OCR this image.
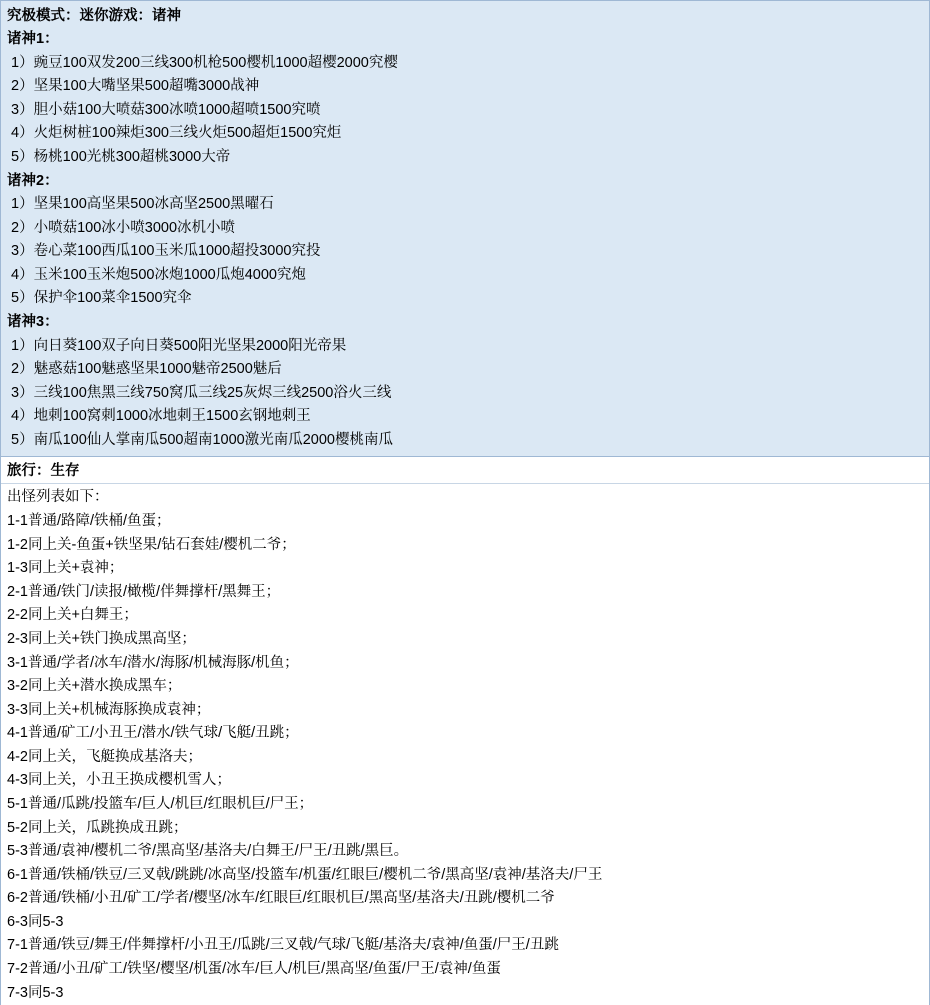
究极模式：迷你游戏：诸神
诸神1：
1）豌豆100双发200三线300机枪500樱机1000超樱2000究樱
2）坚果100大嘴坚果500超嘴3000战神
3）胆小菇100大喷菇300冰喷1000超喷1500究喷
4）火炬树桩100辣炬300三线火炬500超炬1500究炬
5）杨桃100光桃300超桃3000大帝
诸神2：
1）坚果100高坚果500冰高坚2500黑曜石
2）小喷菇100冰小喷3000冰机小喷
3）卷心菜100西瓜100玉米瓜1000超投3000究投
4）玉米100玉米炮500冰炮1000瓜炮4000究炮
5）保护伞100菜伞1500究伞
诸神3：
1）向日葵100双子向日葵500阳光坚果2000阳光帝果
2）魅惑菇100魅惑坚果1000魅帝2500魅后
3）三线100焦黑三线750窝瓜三线25灰烬三线2500浴火三线
4）地刺100窝刺1000冰地刺王1500玄钢地刺王
5）南瓜100仙人掌南瓜500超南1000激光南瓜2000樱桃南瓜
旅行：生存
出怪列表如下：
1-1普通/路障/铁桶/鱼蛋；
1-2同上关-鱼蛋+铁坚果/钻石套娃/樱机二爷；
1-3同上关+袁神；
2-1普通/铁门/读报/橄榄/伴舞撑杆/黑舞王；
2-2同上关+白舞王；
2-3同上关+铁门换成黑高坚；
3-1普通/学者/冰车/潜水/海豚/机械海豚/机鱼；
3-2同上关+潜水换成黑车；
3-3同上关+机械海豚换成袁神；
4-1普通/矿工/小丑王/潜水/铁气球/飞艇/丑跳；
4-2同上关，飞艇换成基洛夫；
4-3同上关，小丑王换成樱机雪人；
5-1普通/瓜跳/投篮车/巨人/机巨/红眼机巨/尸王；
5-2同上关，瓜跳换成丑跳；
5-3普通/袁神/樱机二爷/黑高坚/基洛夫/白舞王/尸王/丑跳/黑巨。
6-1普通/铁桶/铁豆/三叉戟/跳跳/冰高坚/投篮车/机蛋/红眼巨/樱机二爷/黑高坚/袁神/基洛夫/尸王
6-2普通/铁桶/小丑/矿工/学者/樱坚/冰车/红眼巨/红眼机巨/黑高坚/基洛夫/丑跳/樱机二爷
6-3同5-3
7-1普通/铁豆/舞王/伴舞撑杆/小丑王/瓜跳/三叉戟/气球/飞艇/基洛夫/袁神/鱼蛋/尸王/丑跳
7-2普通/小丑/矿工/铁坚/樱坚/机蛋/冰车/巨人/机巨/黑高坚/鱼蛋/尸王/袁神/鱼蛋
7-3同5-3
